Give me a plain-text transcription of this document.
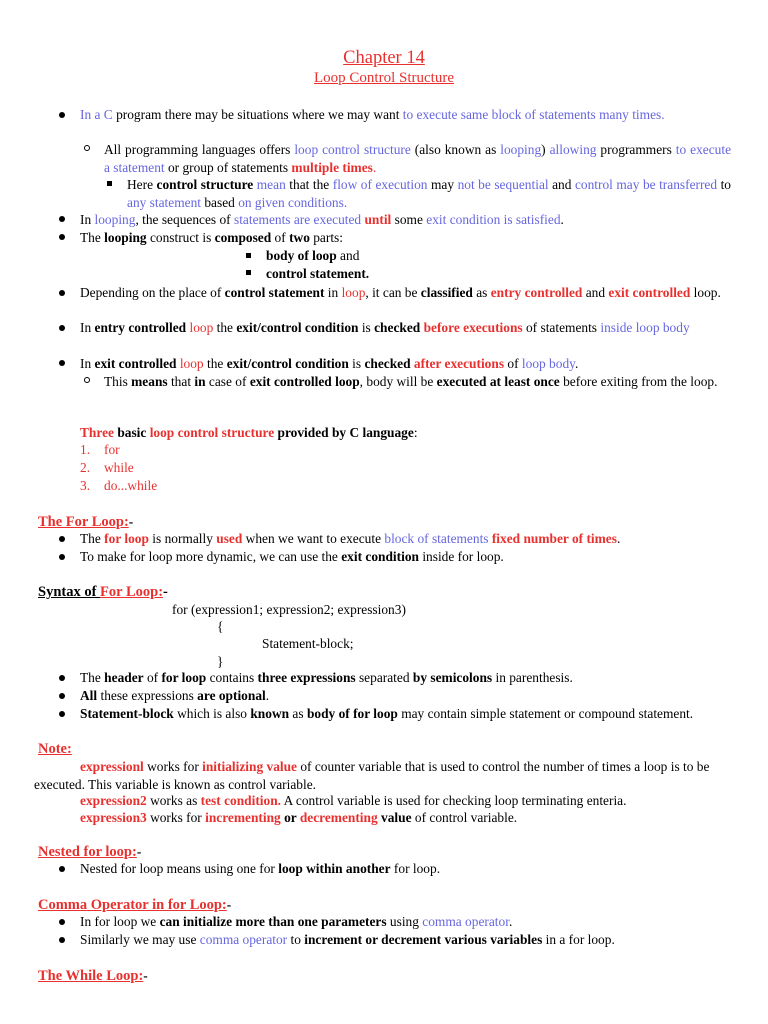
Chapter 14
Loop Control Structure
In a C program there may be situations where we may want to execute same block of statements many times.
All programming languages offers loop control structure (also known as looping) allowing programmers to execute a statement or group of statements multiple times.
Here control structure mean that the flow of execution may not be sequential and control may be transferred to any statement based on given conditions.
In looping, the sequences of statements are executed until some exit condition is satisfied.
The looping construct is composed of two parts:
body of loop and
control statement.
Depending on the place of control statement in loop, it can be classified as entry controlled and exit controlled loop.
In entry controlled loop the exit/control condition is checked before executions of statements inside loop body
In exit controlled loop the exit/control condition is checked after executions of loop body.
This means that in case of exit controlled loop, body will be executed at least once before exiting from the loop.
Three basic loop control structure provided by C language:
1. for
2. while
3. do...while
The For Loop:-
The for loop is normally used when we want to execute block of statements fixed number of times.
To make for loop more dynamic, we can use the exit condition inside for loop.
Syntax of For Loop:-
for (expression1; expression2; expression3)
{
Statement-block;
}
The header of for loop contains three expressions separated by semicolons in parenthesis.
All these expressions are optional.
Statement-block which is also known as body of for loop may contain simple statement or compound statement.
Note:
expressionl works for initializing value of counter variable that is used to control the number of times a loop is to be executed. This variable is known as control variable.
expression2 works as test condition. A control variable is used for checking loop terminating enteria.
expression3 works for incrementing or decrementing value of control variable.
Nested for loop:-
Nested for loop means using one for loop within another for loop.
Comma Operator in for Loop:-
In for loop we can initialize more than one parameters using comma operator.
Similarly we may use comma operator to increment or decrement various variables in a for loop.
The While Loop:-
